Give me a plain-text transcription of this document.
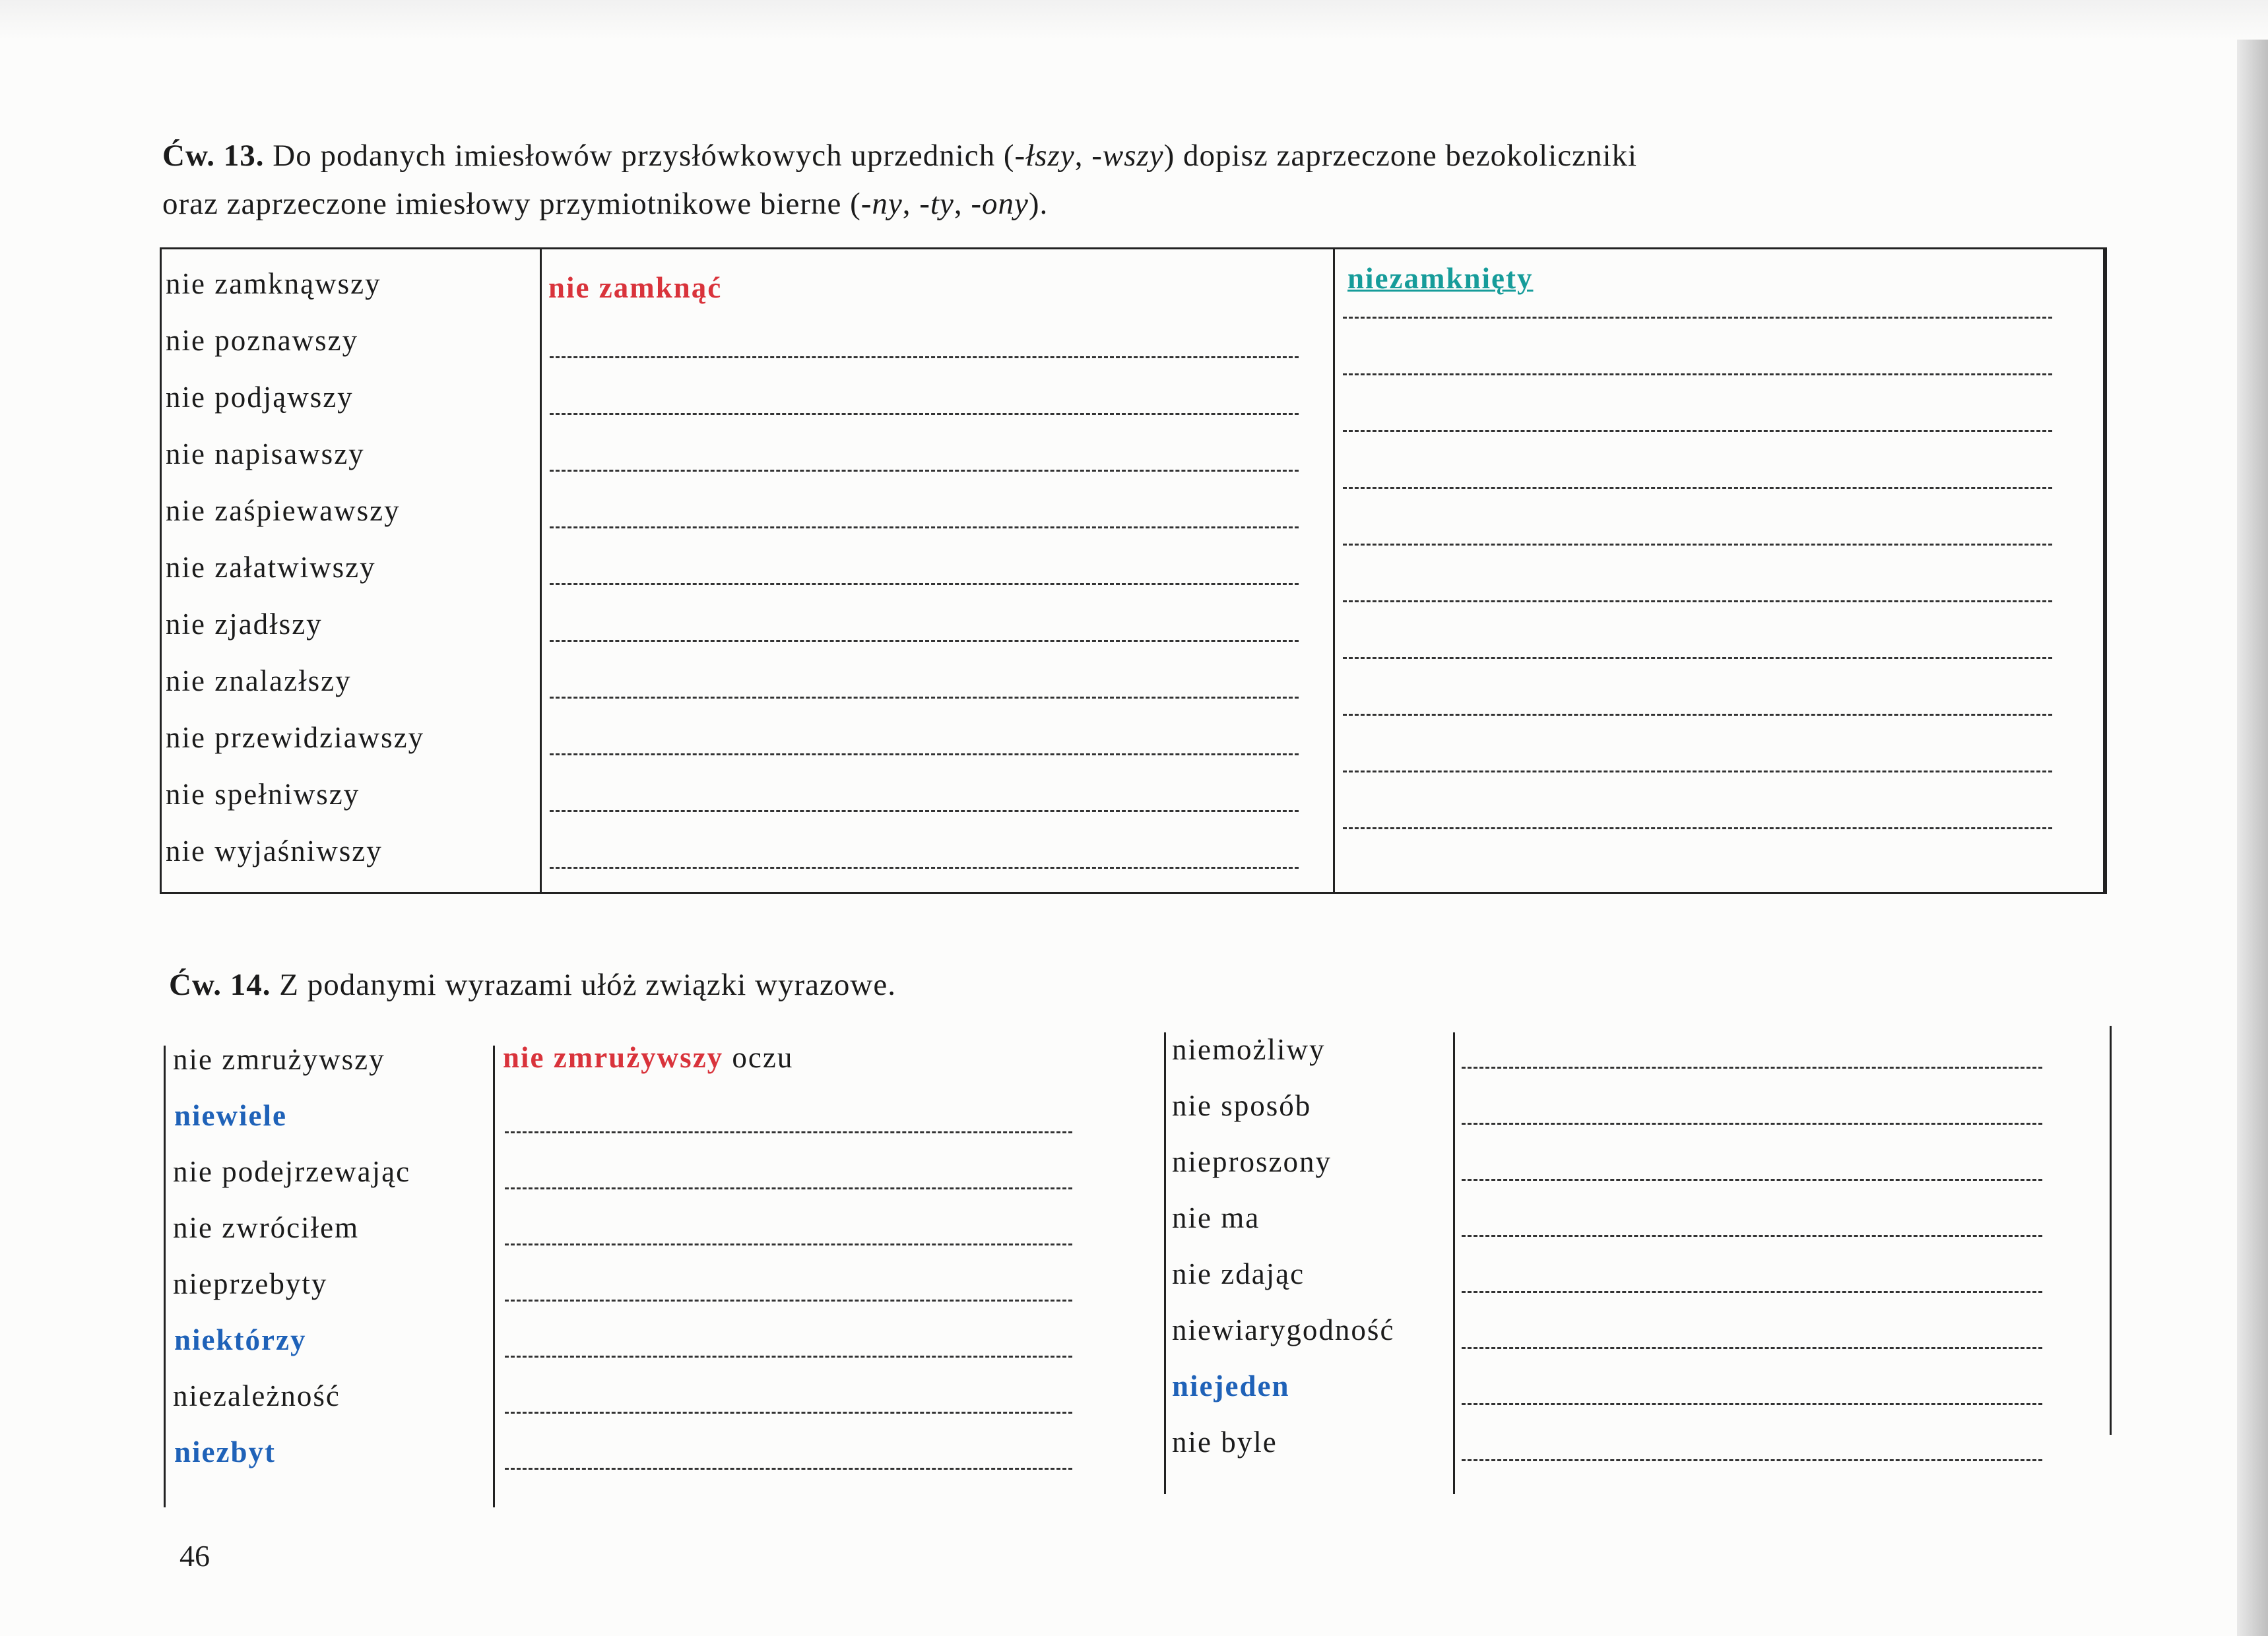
Ćw. 13. Do podanych imiesłowów przysłówkowych uprzednich (-łszy, -wszy) dopisz zaprzeczone bezokoliczniki
oraz zaprzeczone imiesłowy przymiotnikowe bierne (-ny, -ty, -ony).
nie zamknąwszy
nie poznawszy
nie podjąwszy
nie napisawszy
nie zaśpiewawszy
nie załatwiwszy
nie zjadłszy
nie znalazłszy
nie przewidziawszy
nie spełniwszy
nie wyjaśniwszy
nie zamknąć	niezamknięty
Ćw. 14. Z podanymi wyrazami ułóż związki wyrazowe.
nie zmrużywszy
niewiele
nie podejrzewając
nie zwróciłem
nieprzebyty
niektórzy
niezależność
niezbyt
niemożliwy
nie sposób
nieproszony
nie ma
nie zdając
niewiarygodność
niejeden
nie byle
nie zmrużywszy oczu
46
